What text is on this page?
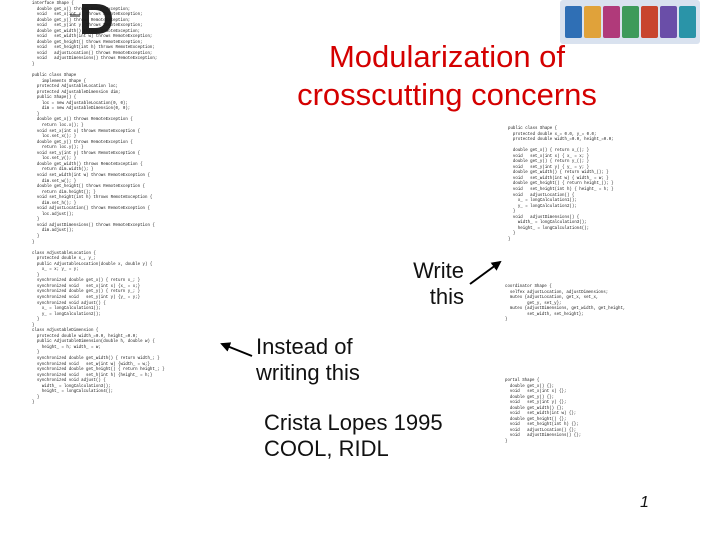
interface Shape {
double get_x() throws RemoteException;
void   set_x(int x) throws RemoteException;
double get_y() throws RemoteException;
void   set_y(int y) throws RemoteException;
double get_width() throws RemoteException;
void   set_width(int w) throws RemoteException;
double get_height() throws RemoteException;
void   set_height(int h) throws RemoteException;
void   adjustLocation() throws RemoteException;
void   adjustDimensions() throws RemoteException;
}

public class Shape
implements Shape {
protected AdjustableLocation loc;
protected AdjustableDimension dim;
public Shape() {
loc = new AdjustableLocation(0, 0);
dim = new AdjustableDimension(0, 0);
}
double get_x() throws RemoteException {
return loc.x(); }
void set_x(int x) throws RemoteException {
loc.set_x(); }
double get_y() throws RemoteException {
return loc.y(); }
void set_y(int y) throws RemoteException {
loc.set_y(); }
double get_width() throws RemoteException {
return dim.width(); }
void set_width(int w) throws RemoteException {
dim.set_w(); }
double get_height() throws RemoteException {
return dim.height(); }
void set_height(int h) throws RemoteException {
dim.set_h(); }
void adjustLocation() throws RemoteException {
loc.adjust();
}
void adjustDimensions() throws RemoteException {
dim.adjust();
}
}

class AdjustableLocation {
protected double x_, y_;
public AdjustableLocation(double x, double y) {
x_ = x; y_ = y;
}
synchronized double get_x() { return x_; }
synchronized void   set_x(int x) {x_ = x;}
synchronized double get_y() { return y_; }
synchronized void   set_y(int y) {y_ = y;}
synchronized void adjust() {
x_ = longCalculation1();
y_ = longCalculation2();
}
}
class AdjustableDimension {
protected double width_=0.0, height_=0.0;
public AdjustableDimension(double h, double w) {
height_ = h; width_ = w;
}
synchronized double get_width() { return width_; }
synchronized void   set_w(int w) {width_ = w;}
synchronized double get_height() { return height_; }
synchronized void   set_h(int h) {height_ = h;}
synchronized void adjust() {
width_ = longCalculation3();
height_ = longCalculation4();
}
}
Modularization of crosscutting concerns
public class Shape {
protected double x_= 0.0, y_= 0.0;
protected double width_=0.0, height_=0.0;

double get_x() { return x_(); }
void   set_x(int x) { x_ = x; }
double get_y() { return y_(); }
void   set_y(int y) { y_ = y; }
double get_width() { return width_(); }
void   set_width(int w) { width_ = w; }
double get_height() { return height_(); }
void   set_height(int h) { height_ = h; }
void   adjustLocation() {
x_ = longCalculation1();
y_ = longCalculation2();
}
void   adjustDimensions() {
width_ = longCalculation3();
height_ = longCalculation4();
}
}
coordinator Shape {
selfex adjustLocation, adjustDimensions;
mutex {adjustLocation, get_x, set_x,
get_y, set_y};
mutex {adjustDimensions, get_width, get_height,
set_width, set_height};
}
portal Shape {
double get_x() {};
void   set_x(int x) {};
double get_y() {};
void   set_y(int y) {};
double get_width() {};
void   set_width(int w) {};
double get_height() {};
void   set_height(int h) {};
void   adjustLocation() {};
void   adjustDimensions() {};
}
Write this
Instead of writing this
Crista Lopes 1995 COOL, RIDL
1
